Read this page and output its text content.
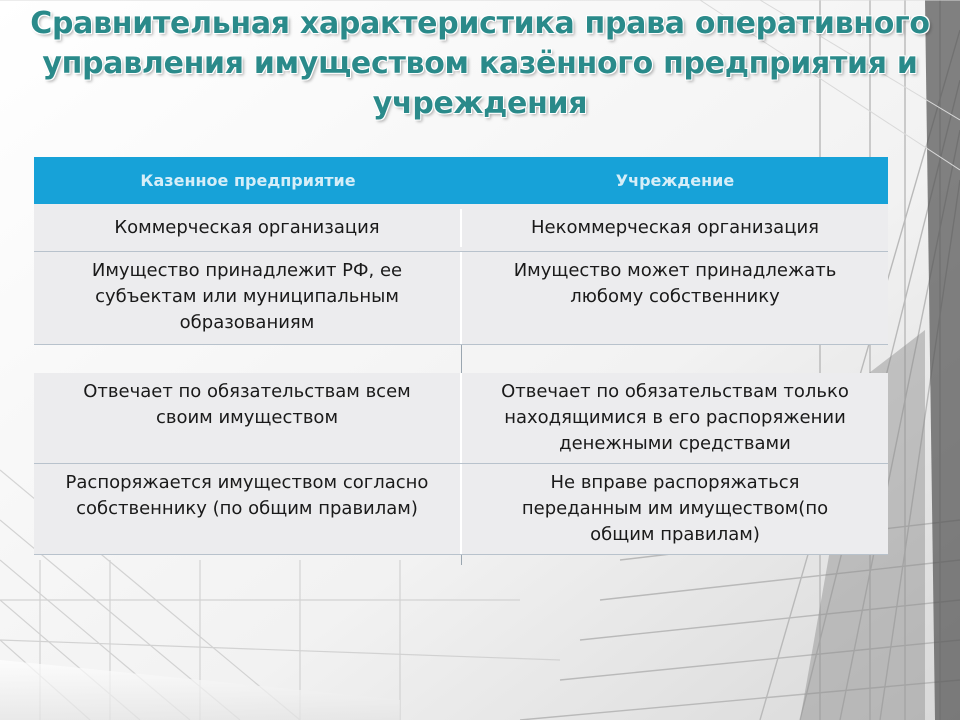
Сравнительная характеристика права оперативного управления имуществом казённого предприятия и учреждения
Казенное предприятие	Учреждение
Коммерческая организация	Некоммерческая организация
Имущество принадлежит РФ, ее
субъектам или муниципальным
образованиям
Имущество может принадлежать
любому собственнику
Отвечает по обязательствам всем
своим имуществом
Отвечает по обязательствам только
находящимися в его распоряжении
денежными средствами
Распоряжается имуществом согласно
собственнику (по общим правилам)
Не вправе распоряжаться
переданным им имуществом(по
общим правилам)
